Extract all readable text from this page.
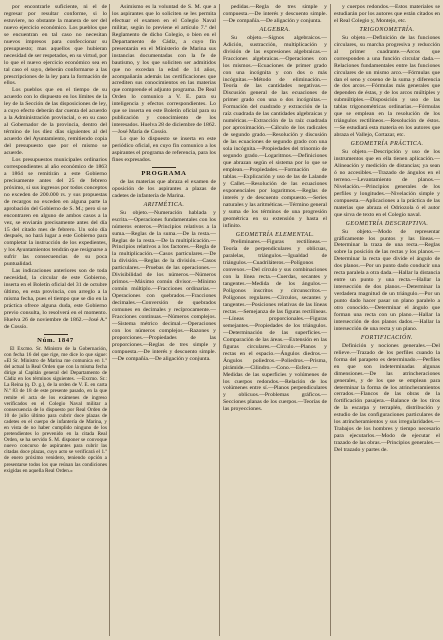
por encontrarle suficiente, ni el de regresar por resultar conforme, si lo estuviere, no obstante la manera de ser del nuevo ejercicio económico. Los pueblos que se encuentran en tal caso no necesitan nuevos impresos para confeccionar su presupuesto; mas aquellos que hubieran necesidad de ser respetados, en su virtud, por lo que el nuevo ejercicio económico sea en tal caso el suyo, deberán conformarse a las prescripciones de la ley para la formación de ellos.

Los pueblos que en el tiempo de su acuerdo con lo dispuesto en los límites de la ley de la Sección de las disposiciones de ley, a cuyo efecto deberán dar cuenta del acuerdo a la Administración provincial, o en su caso al Gobernador de la provincia, dentro del término de los diez días siguientes al del acuerdo del Ayuntamiento, remitiendo copia del presupuesto que por el mismo se acuerde.

Los presupuestos municipales ordinarios correspondientes al año económico de 1863 a 1864 se remitirán a este Gobierno precisamente antes del 25 de febrero próximo, si sus ingresos por todos conceptos no exceden de 200.000 rs. y sus propuestas de recargos no exceden en alguna parte la aprobación del Gobierno de S. M.; pero si se encontraren en alguno de ambos casos a la vez, se enviarán precisamente antes del día 15 del citado mes de febrero. Un solo día después, no hará lugar a este Gobierno para completar la instrucción de los expedientes, y los Ayuntamientos tendrán que resignarse a sufrir las consecuencias de su poca puntualidad.

Las indicaciones anteriores son de toda necesidad, la circular de este Gobierno, inserta en el Boletín oficial del 31 de octubre último, en esta provincia, con arreglo a la misma fecha, pues el tiempo que se dio en la práctica ofrece alguna duda, este Gobierno previo consulta, lo resolverá en el momento. Huelva 26 de noviembre de 1862.—José A.ª de Cossío.

Núm. 1847

El Excmo. Sr. Ministro de la Gobernación, con fecha 16 del que rige, me dice lo que sigue: «El Sr. Ministro de Marina me comunica en 1.º del actual la Real Orden que con la misma fecha dirige al Capitán general del Departamento de Cádiz en los términos siguientes. —Excmo. Sr.: La Reina (q. D. g.), de la orden de V. E. en carta N.º 83 de 18 de este presente pasado, en la que remite el acta de los exámenes de ingreso verificados en el Colegio Naval militar a consecuencia de lo dispuesto por Real Orden de 10 de julio último para cubrir doce plazas de cadetes en el cuerpo de infantería de Marina, y en vista de no haber cumplido ninguno de los pretendientes lo prevenido en la citada Real Orden, se ha servido S. M. disponer se convoque nuevo concurso de aspirantes para cubrir las citadas doce plazas, cuyo acto se verificará el 1.º de enero próximo venidero, teniendo opción a presentarse todos los que reúnan las condiciones exigidas en aquella Real Orden.»

Asimismo es la voluntad de S. M. que a los aspirantes que lo soliciten se les permita efectuar el examen en el Colegio Naval militar, según lo previene el artículo 7.º del Reglamento de dicho Colegio, o bien en el Departamento de Cádiz, a cuyo fin presentarán en el Ministerio de Marina sus instancias documentadas con la fe de bautismo, y los que soliciten ser admitidos que no excedan la edad de 14 años, acompañarán además las certificaciones que acrediten sus conocimientos en las materias que comprende el adjunto programa. De Real Orden lo comunico a V. E. para su inteligencia y efectos correspondientes. Lo que se inserta en este Boletín oficial para su publicación y conocimiento de los interesados. Huelva 28 de diciembre de 1862.—José María de Cossío.

Lo que lo dispuesto se inserta en este periódico oficial, en cuyo fin comunico a los aspirantes el programa de referencia, para los fines expresados.

PROGRAMA

de las materias que abraza el examen de oposición de los aspirantes a plazas de cadetes de infantería de Marina.

ARITMÉTICA.

Su objeto.—Numeración hablada y escrita.—Operaciones fundamentales con los números enteros.—Principios relativos a la suma.—Reglas de la suma.—De la resta.—Reglas de la resta.—De la multiplicación.—Principios relativos a los factores.—Regla de la multiplicación.—Casos particulares.—De la división.—Reglas de la división.—Casos particulares.—Pruebas de las operaciones.—Divisibilidad de los números.—Números primos.—Máximo común divisor.—Mínimo común múltiplo.—Fracciones ordinarias.—Operaciones con quebrados.—Fracciones decimales.—Conversión de quebrados comunes en decimales y recíprocamente.—Fracciones continuas.—Números complejos.—Sistema métrico decimal.—Operaciones con los números complejos.—Razones y proporciones.—Propiedades de las proporciones.—Reglas de tres simple y compuesta.—De interés y descuento simple.—De compañía.—De aligación y conjunta.

pedidas.—Regla de tres simple y compuesta.—De interés y descuento simple.—De compañía.—De aligación y conjunta.

ALGEBRA.

Su objeto.—Signos algebraicos.—Adición, sustracción, multiplicación y división de las expresiones algebraicas.—Fracciones algebraicas.—Operaciones con los mismos.—Ecuaciones de primer grado con una incógnita y con dos o más incógnitas.—Método de eliminación.—Teoría de las cantidades negativas.—Discusión general de las ecuaciones de primer grado con una o dos incógnitas.—Formación del cuadrado y extracción de la raíz cuadrada de las cantidades algebraicas y numéricas.—Extracción de la raíz cuadrada por aproximación.—Cálculo de los radicales de segundo grado.—Resolución y discusión de las ecuaciones de segundo grado con una sola incógnita.—Propiedades del trinomio de segundo grado.—Logaritmos.—Definiciones que abrazan según el sistema por lo que se emplean.—Propiedades.—Formación de tablas.—Explicación y uso de las de Lalande y Callet.—Resolución de las ecuaciones exponenciales por logaritmos.—Reglas de interés y de descuento compuesto.—Series naturales y las aritméticas.—Término general y suma de los términos de una progresión geométrica en su extensión y hasta el infinito.

GEOMETRÍA ELEMENTAL.

Preliminares.—Figuras rectilíneas.—Teoría de perpendiculares y oblicuas, paralelas, triángulos.—Igualdad de triángulos.—Cuadriláteros.—Polígonos convexos.—Del círculo y sus combinaciones con la línea recta.—Cuerdas, secantes y tangentes.—Medida de los ángulos.—Polígonos inscritos y circunscritos.—Polígonos regulares.—Círculos, secantes y tangentes.—Posiciones relativas de las líneas rectas.—Semejanza de las figuras rectilíneas.—Líneas proporcionales.—Figuras semejantes.—Propiedades de los triángulos.—Determinación de las superficies.—Comparación de las áreas.—Extensión en las figuras circulares.—Círculo.—Planos y rectas en el espacio.—Ángulos diedros.—Ángulos poliedros.—Poliedros.—Prisma, pirámide.—Cilindro.—Cono.—Esfera.—Medidas de las superficies y volúmenes de los cuerpos redondos.—Relación de los volúmenes entre sí.—Planos perpendiculares y oblicuos.—Problemas gráficos.—Secciones planas de los cuerpos.—Teorías de las proyecciones.

y cuerpos redondos.—Estos materiales se estudiarán por los autores que están citados en el Real Colegio y, Montejo, etc.

TRIGONOMETRÍA.

Su objeto.—Definición de las funciones circulares, su marcha progresiva y reducción al primer cuadrante.—Arcos que corresponden a una función circular dada.—Relaciones fundamentales entre las funciones circulares de un mismo arco.—Fórmulas que dan el seno y coseno de la suma y diferencia de dos arcos.—Fórmulas más generales que dependen de éstas, y de los arcos múltiples y submúltiples.—Disposición y uso de las tablas trigonométricas ordinarias.—Fórmulas que se emplean en la resolución de los triángulos rectilíneos.—Resolución de éstos.—Se estudiará esta materia en los autores que abraza el Vallejo, Cortazar, etc.

GEOMETRÍA PRÁCTICA.

Su objeto.—Descripción y uso de los instrumentos que en ella tienen aplicación.—Alineación y medición de distancias; ya sean ó no accesibles.—Trazado de ángulos en el terreno.—Levantamiento de planos.—Nivelación.—Principios generales de los perfiles y longitudes.—Nivelación simple y compuesta.—Aplicaciones a la práctica de las materias que abraza el Odriozola ó el autor que sirva de texto en el Colegio naval.

GEOMETRÍA DESCRIPTIVA.

Su objeto.—Modo de representar gráficamente los puntos y las líneas.—Determinar la traza de una recta.—Reglas sobre la posición de las rectas y los planos.—Determinar la recta que divide el ángulo de dos planos.—Por un punto dado conducir una recta paralela a otra dada.—Hallar la distancia entre un punto y una recta.—Hallar la intersección de dos planos.—Determinar la verdadera magnitud de un triángulo.—Por un punto dado hacer pasar un plano paralelo a otro conocido.—Determinar el ángulo que forman una recta con un plano.—Hallar la intersección de dos planos dados.—Hallar la intersección de una recta y un plano.

FORTIFICACIÓN.

Definición y nociones generales.—Del relieve.—Trazado de los perfiles cuando la forma del parapeto es determinado.—Perfiles en que son indeterminadas algunas dimensiones.—De las atrincheraciones generales, y de los que se emplean para determinar la forma de los atrincheramientos cerrados.—Flancos de las obras de la fortificación pasajera.—Balance de los tiros de la escarpa y terraplén, distribución y estudio de las configuraciones particulares de los atrincheramientos y sus irregularidades.—Trabajos de los hombres y tiempo necesario para ejecutarlos.—Modo de ejecutar el trazado de las obras.—Principios generales.—Del trazado y partes de.
